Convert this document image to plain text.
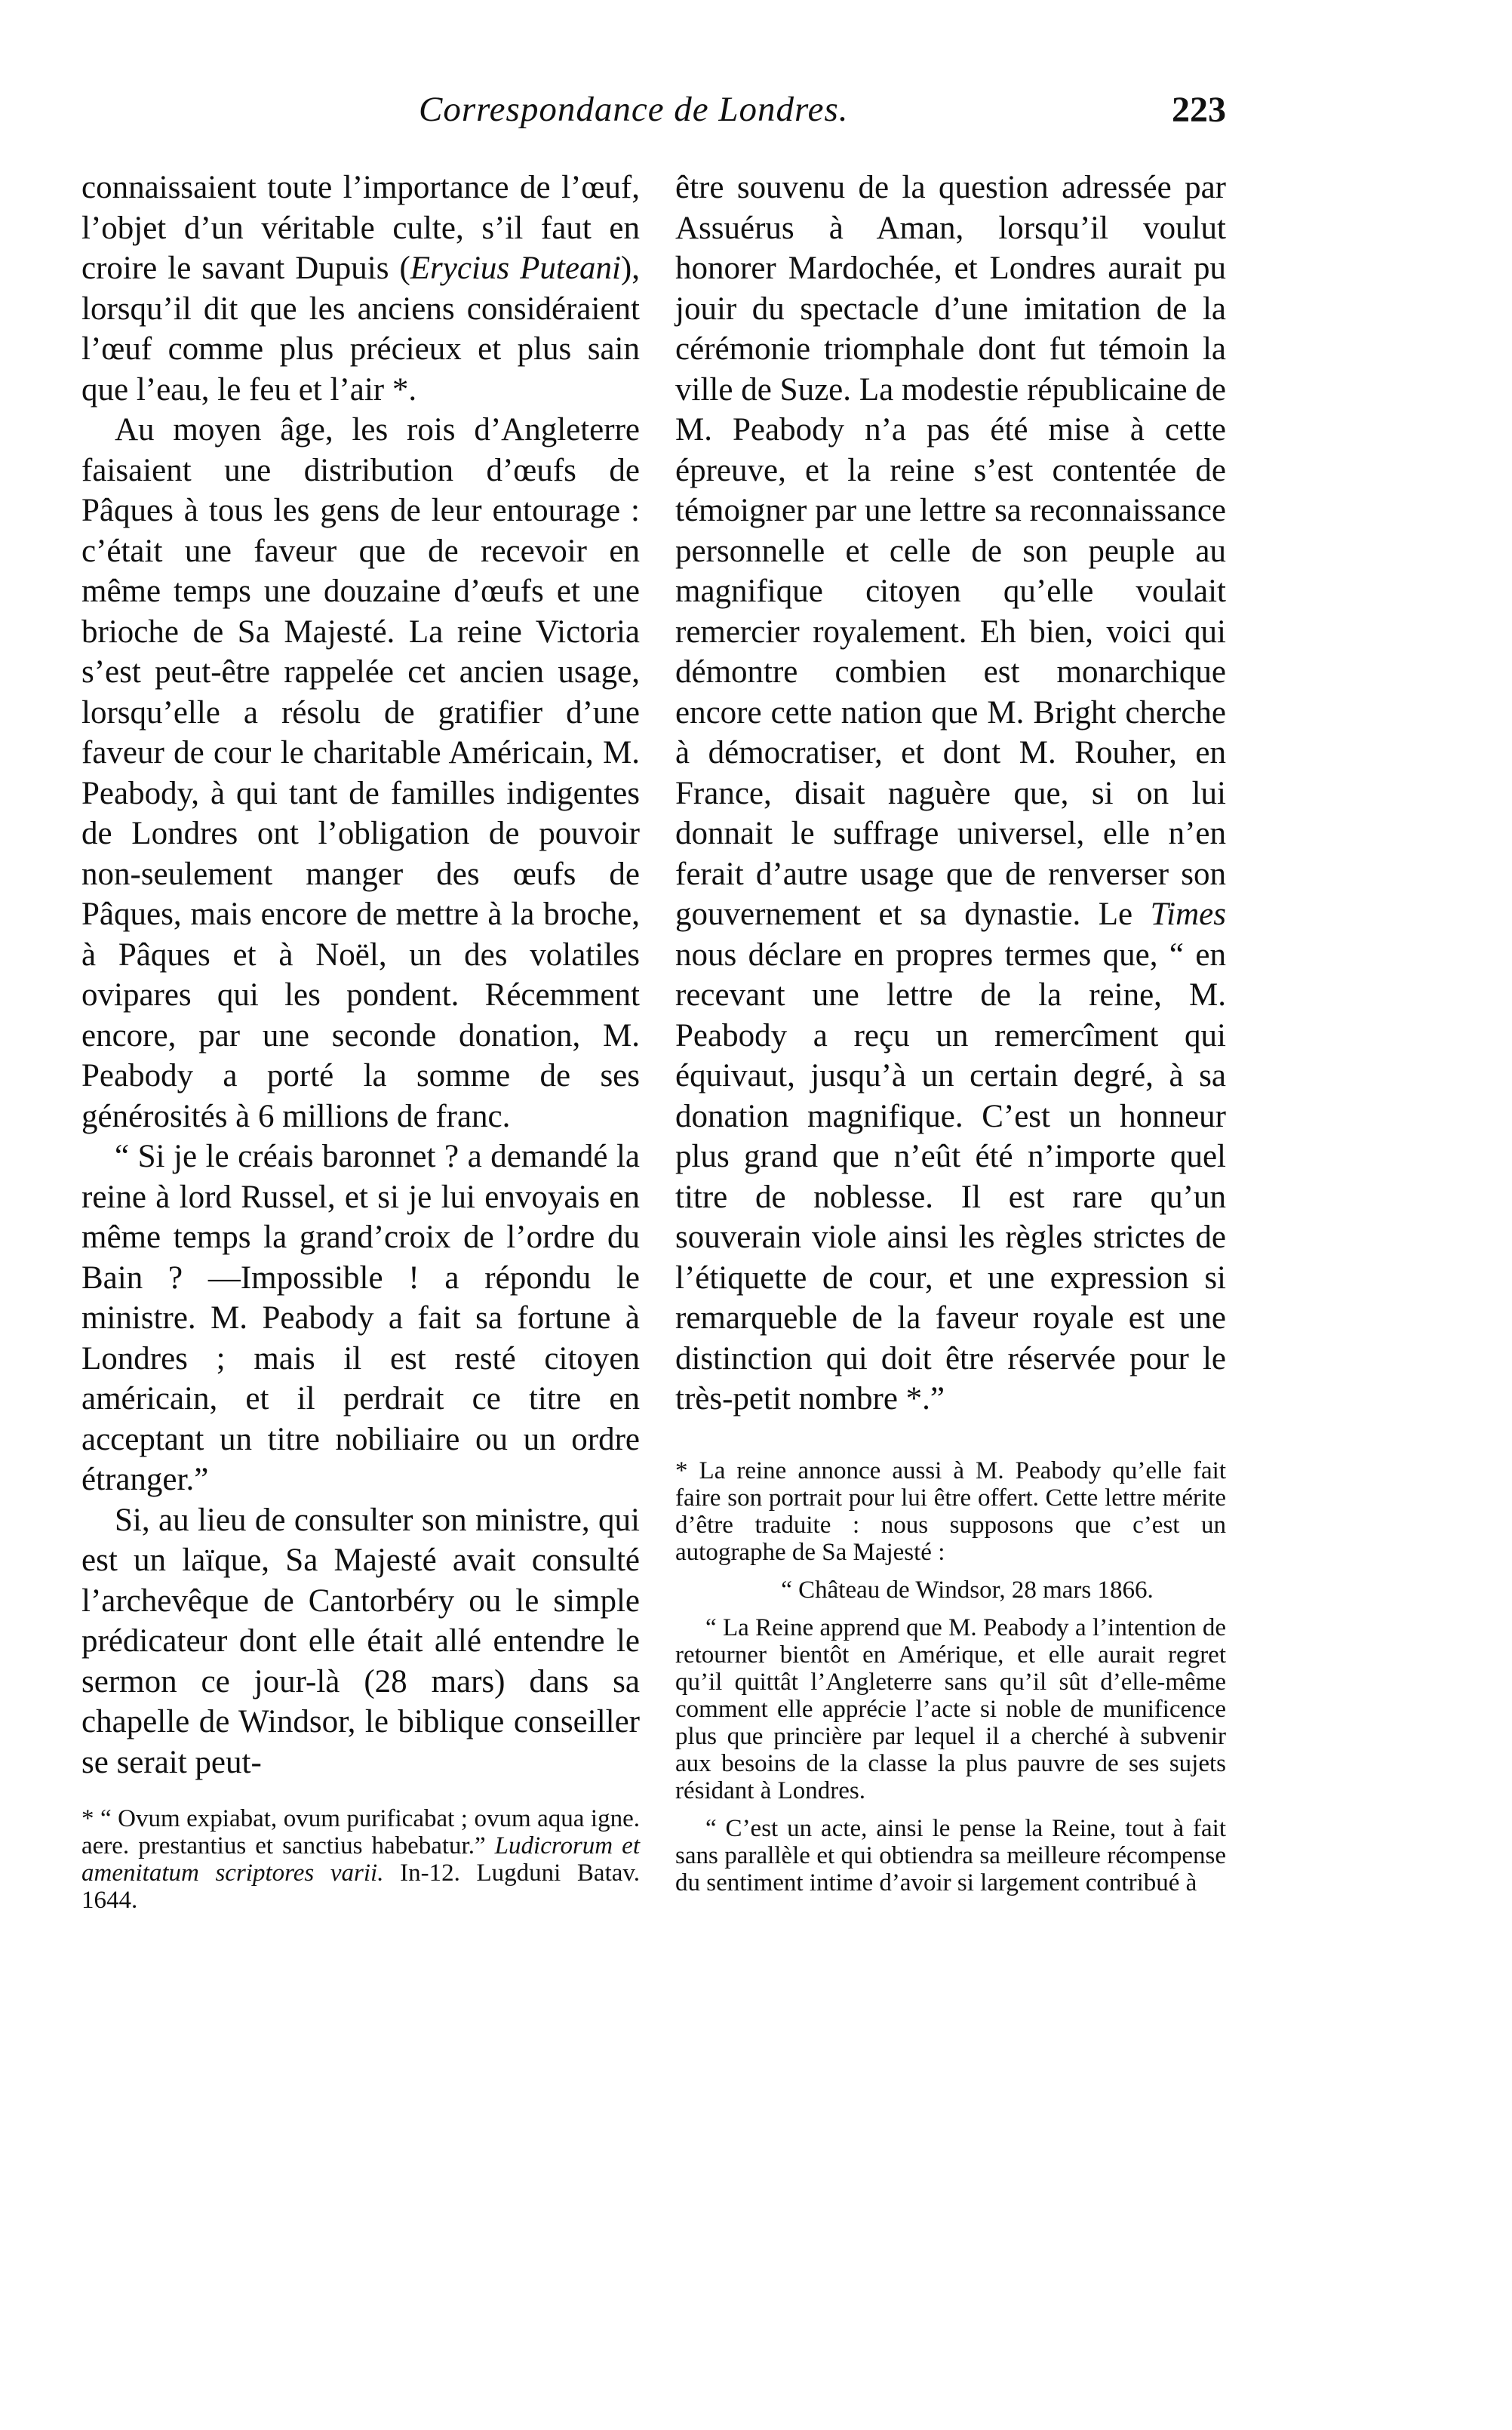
Correspondance de Londres.	223

connaissaient toute l’importance de l’œuf, l’objet d’un véritable culte, s’il faut en croire le savant Dupuis (Erycius Puteani), lorsqu’il dit que les anciens considéraient l’œuf comme plus précieux et plus sain que l’eau, le feu et l’air *.

Au moyen âge, les rois d’Angleterre faisaient une distribution d’œufs de Pâques à tous les gens de leur entourage : c’était une faveur que de recevoir en même temps une douzaine d’œufs et une brioche de Sa Majesté. La reine Victoria s’est peut-être rappelée cet ancien usage, lorsqu’elle a résolu de gratifier d’une faveur de cour le charitable Américain, M. Peabody, à qui tant de familles indigentes de Londres ont l’obligation de pouvoir non-seulement manger des œufs de Pâques, mais encore de mettre à la broche, à Pâques et à Noël, un des volatiles ovipares qui les pondent. Récemment encore, par une seconde donation, M. Peabody a porté la somme de ses générosités à 6 millions de franc.

“ Si je le créais baronnet ? a demandé la reine à lord Russel, et si je lui envoyais en même temps la grand’croix de l’ordre du Bain ? —Impossible ! a répondu le ministre. M. Peabody a fait sa fortune à Londres ; mais il est resté citoyen américain, et il perdrait ce titre en acceptant un titre nobiliaire ou un ordre étranger.”

Si, au lieu de consulter son ministre, qui est un laïque, Sa Majesté avait consulté l’archevêque de Cantorbéry ou le simple prédicateur dont elle était allé entendre le sermon ce jour-là (28 mars) dans sa chapelle de Windsor, le biblique conseiller se serait peut-

* “ Ovum expiabat, ovum purificabat ; ovum aqua igne. aere. prestantius et sanctius habebatur.” Ludicrorum et amenitatum scriptores varii. In-12. Lugduni Batav. 1644.

être souvenu de la question adressée par Assuérus à Aman, lorsqu’il voulut honorer Mardochée, et Londres aurait pu jouir du spectacle d’une imitation de la cérémonie triomphale dont fut témoin la ville de Suze. La modestie républicaine de M. Peabody n’a pas été mise à cette épreuve, et la reine s’est contentée de témoigner par une lettre sa reconnaissance personnelle et celle de son peuple au magnifique citoyen qu’elle voulait remercier royalement. Eh bien, voici qui démontre combien est monarchique encore cette nation que M. Bright cherche à démocratiser, et dont M. Rouher, en France, disait naguère que, si on lui donnait le suffrage universel, elle n’en ferait d’autre usage que de renverser son gouvernement et sa dynastie. Le Times nous déclare en propres termes que, “ en recevant une lettre de la reine, M. Peabody a reçu un remercîment qui équivaut, jusqu’à un certain degré, à sa donation magnifique. C’est un honneur plus grand que n’eût été n’importe quel titre de noblesse. Il est rare qu’un souverain viole ainsi les règles strictes de l’étiquette de cour, et une expression si remarqueble de la faveur royale est une distinction qui doit être réservée pour le très-petit nombre *.”

* La reine annonce aussi à M. Peabody qu’elle fait faire son portrait pour lui être offert. Cette lettre mérite d’être traduite : nous supposons que c’est un autographe de Sa Majesté :

“ Château de Windsor, 28 mars 1866.

“ La Reine apprend que M. Peabody a l’intention de retourner bientôt en Amérique, et elle aurait regret qu’il quittât l’Angleterre sans qu’il sût d’elle-même comment elle apprécie l’acte si noble de munificence plus que princière par lequel il a cherché à subvenir aux besoins de la classe la plus pauvre de ses sujets résidant à Londres.

“ C’est un acte, ainsi le pense la Reine, tout à fait sans parallèle et qui obtiendra sa meilleure récompense du sentiment intime d’avoir si largement contribué à
